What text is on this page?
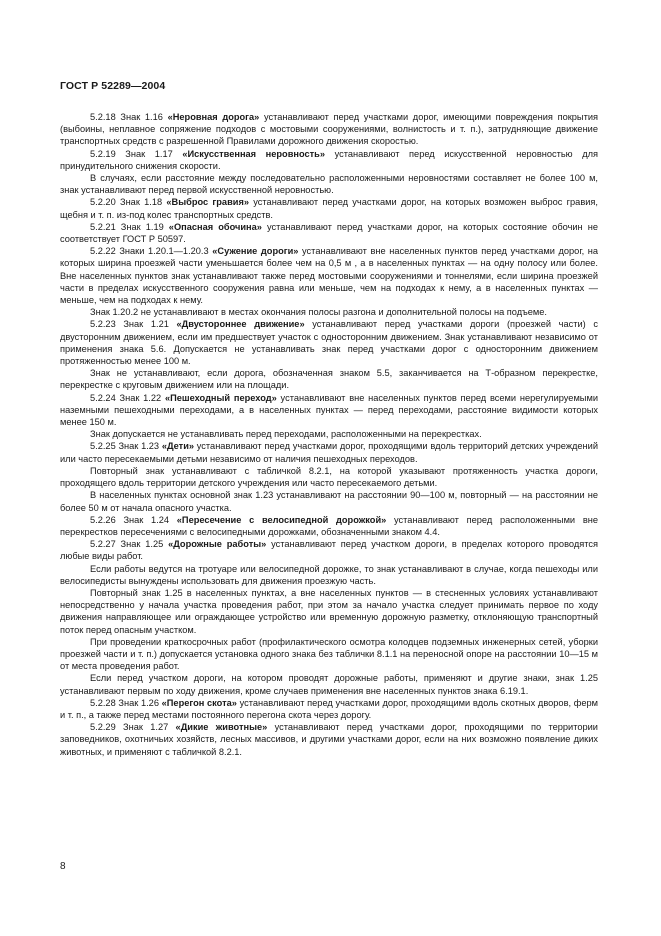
ГОСТ Р 52289—2004

5.2.18 Знак 1.16 «Неровная дорога» устанавливают перед участками дорог, имеющими повреждения покрытия (выбоины, неплавное сопряжение подходов с мостовыми сооружениями, волнистость и т. п.), затрудняющие движение транспортных средств с разрешенной Правилами дорожного движения скоростью.

5.2.19 Знак 1.17 «Искусственная неровность» устанавливают перед искусственной неровностью для принудительного снижения скорости.

В случаях, если расстояние между последовательно расположенными неровностями составляет не более 100 м, знак устанавливают перед первой искусственной неровностью.

5.2.20 Знак 1.18 «Выброс гравия» устанавливают перед участками дорог, на которых возможен выброс гравия, щебня и т. п. из-под колес транспортных средств.

5.2.21 Знак 1.19 «Опасная обочина» устанавливают перед участками дорог, на которых состояние обочин не соответствует ГОСТ Р 50597.

5.2.22 Знаки 1.20.1—1.20.3 «Сужение дороги» устанавливают вне населенных пунктов перед участками дорог, на которых ширина проезжей части уменьшается более чем на 0,5 м , а в населенных пунктах — на одну полосу или более. Вне населенных пунктов знак устанавливают также перед мостовыми сооружениями и тоннелями, если ширина проезжей части в пределах искусственного сооружения равна или меньше, чем на подходах к нему, а в населенных пунктах — меньше, чем на подходах к нему.

Знак 1.20.2 не устанавливают в местах окончания полосы разгона и дополнительной полосы на подъеме.

5.2.23 Знак 1.21 «Двустороннее движение» устанавливают перед участками дороги (проезжей части) с двусторонним движением, если им предшествует участок с односторонним движением. Знак устанавливают независимо от применения знака 5.6. Допускается не устанавливать знак перед участками дорог с односторонним движением протяженностью менее 100 м.

Знак не устанавливают, если дорога, обозначенная знаком 5.5, заканчивается на Т-образном перекрестке, перекрестке с круговым движением или на площади.

5.2.24 Знак 1.22 «Пешеходный переход» устанавливают вне населенных пунктов перед всеми нерегулируемыми наземными пешеходными переходами, а в населенных пунктах — перед переходами, расстояние видимости которых менее 150 м.

Знак допускается не устанавливать перед переходами, расположенными на перекрестках.

5.2.25 Знак 1.23 «Дети» устанавливают перед участками дорог, проходящими вдоль территорий детских учреждений или часто пересекаемыми детьми независимо от наличия пешеходных переходов.

Повторный знак устанавливают с табличкой 8.2.1, на которой указывают протяженность участка дороги, проходящего вдоль территории детского учреждения или часто пересекаемого детьми.

В населенных пунктах основной знак 1.23 устанавливают на расстоянии 90—100 м, повторный — на расстоянии не более 50 м от начала опасного участка.

5.2.26 Знак 1.24 «Пересечение с велосипедной дорожкой» устанавливают перед расположенными вне перекрестков пересечениями с велосипедными дорожками, обозначенными знаком 4.4.

5.2.27 Знак 1.25 «Дорожные работы» устанавливают перед участком дороги, в пределах которого проводятся любые виды работ.

Если работы ведутся на тротуаре или велосипедной дорожке, то знак устанавливают в случае, когда пешеходы или велосипедисты вынуждены использовать для движения проезжую часть.

Повторный знак 1.25 в населенных пунктах, а вне населенных пунктов — в стесненных условиях устанавливают непосредственно у начала участка проведения работ, при этом за начало участка следует принимать первое по ходу движения направляющее или ограждающее устройство или временную дорожную разметку, отклоняющую транспортный поток перед опасным участком.

При проведении краткосрочных работ (профилактического осмотра колодцев подземных инженерных сетей, уборки проезжей части и т. п.) допускается установка одного знака без таблички 8.1.1 на переносной опоре на расстоянии 10—15 м от места проведения работ.

Если перед участком дороги, на котором проводят дорожные работы, применяют и другие знаки, знак 1.25 устанавливают первым по ходу движения, кроме случаев применения вне населенных пунктов знака 6.19.1.

5.2.28 Знак 1.26 «Перегон скота» устанавливают перед участками дорог, проходящими вдоль скотных дворов, ферм и т. п., а также перед местами постоянного перегона скота через дорогу.

5.2.29 Знак 1.27 «Дикие животные» устанавливают перед участками дорог, проходящими по территории заповедников, охотничьих хозяйств, лесных массивов, и другими участками дорог, если на них возможно появление диких животных, и применяют с табличкой 8.2.1.

8
